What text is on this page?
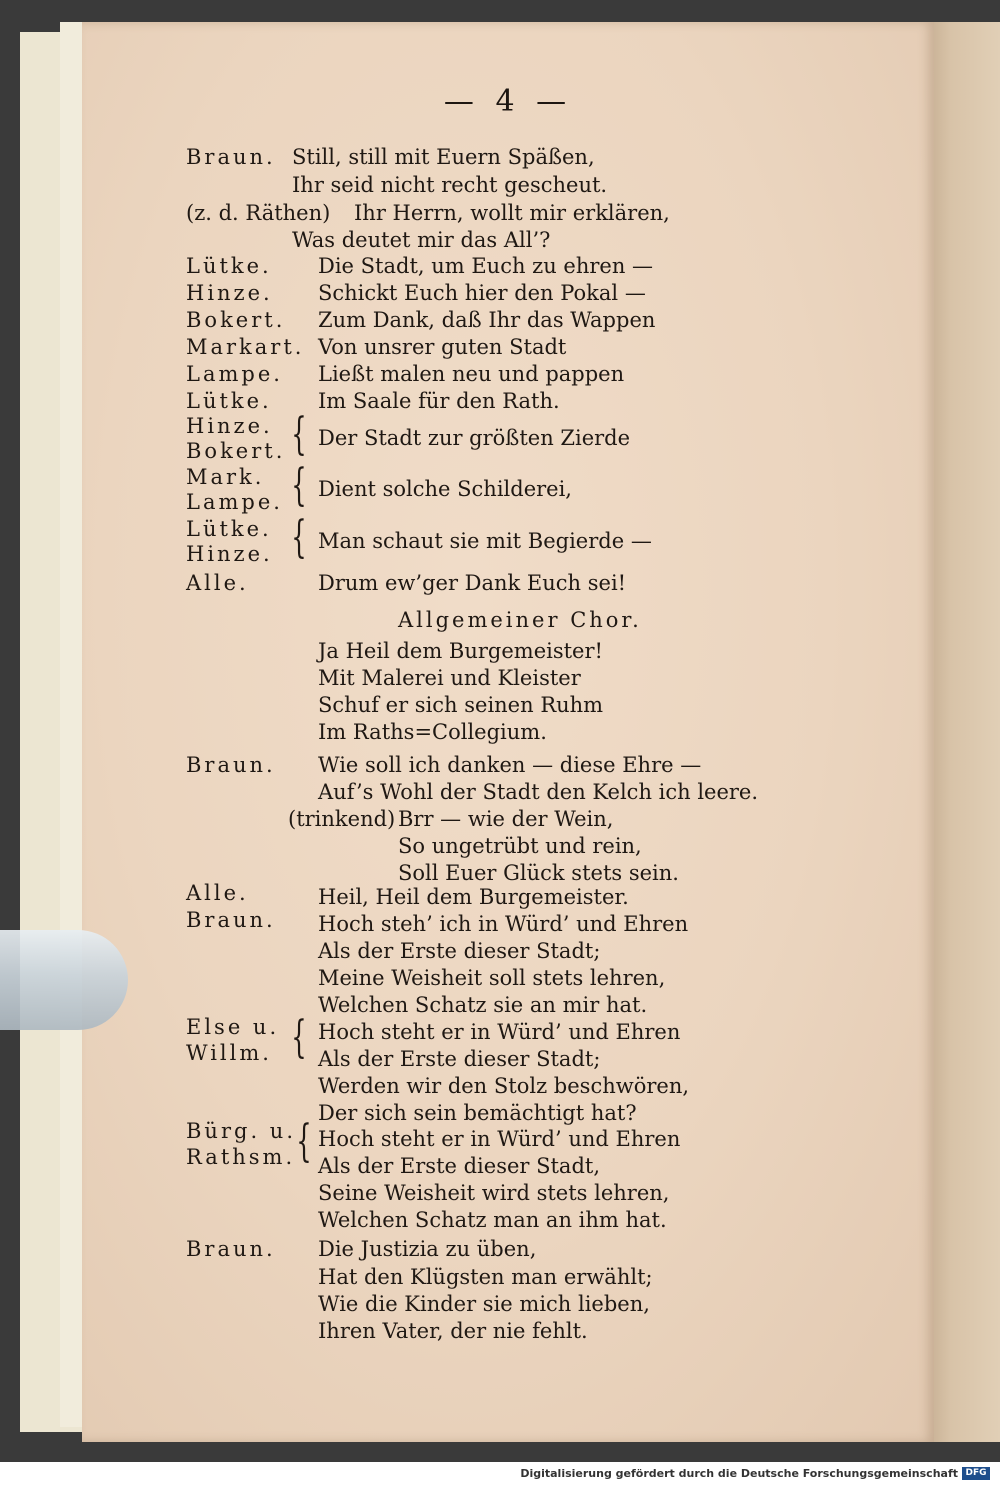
— 4 —
Braun. Still, still mit Euern Späßen,
Ihr seid nicht recht gescheut.
(z. d. Räthen) Ihr Herrn, wollt mir erklären,
Was deutet mir das All’?
Lütke. Die Stadt, um Euch zu ehren —
Hinze. Schickt Euch hier den Pokal —
Bokert. Zum Dank, daß Ihr das Wappen
Markart. Von unsrer guten Stadt
Lampe. Ließt malen neu und pappen
Lütke. Im Saale für den Rath.
Hinze.
Bokert. { Der Stadt zur größten Zierde
Mark.
Lampe. { Dient solche Schilderei,
Lütke.
Hinze. { Man schaut sie mit Begierde —
Alle.	Drum ew’ger Dank Euch sei!
Allgemeiner Chor.
Ja Heil dem Burgemeister!
Mit Malerei und Kleister
Schuf er sich seinen Ruhm
Im Raths=Collegium.
Braun. Wie soll ich danken — diese Ehre —
Auf’s Wohl der Stadt den Kelch ich leere.
(trinkend) Brr — wie der Wein,
So ungetrübt und rein,
Soll Euer Glück stets sein.
Alle.	Heil, Heil dem Burgemeister.
Braun. Hoch steh’ ich in Würd’ und Ehren
Als der Erste dieser Stadt;
Meine Weisheit soll stets lehren,
Welchen Schatz sie an mir hat.
Else u.
Willm. { Hoch steht er in Würd’ und Ehren
Als der Erste dieser Stadt;
Werden wir den Stolz beschwören,
Der sich sein bemächtigt hat?
Bürg. u.
Rathsm. { Hoch steht er in Würd’ und Ehren
Als der Erste dieser Stadt,
Seine Weisheit wird stets lehren,
Welchen Schatz man an ihm hat.
Braun. Die Justizia zu üben,
Hat den Klügsten man erwählt;
Wie die Kinder sie mich lieben,
Ihren Vater, der nie fehlt.
Digitalisierung gefördert durch die Deutsche Forschungsgemeinschaft DFG
